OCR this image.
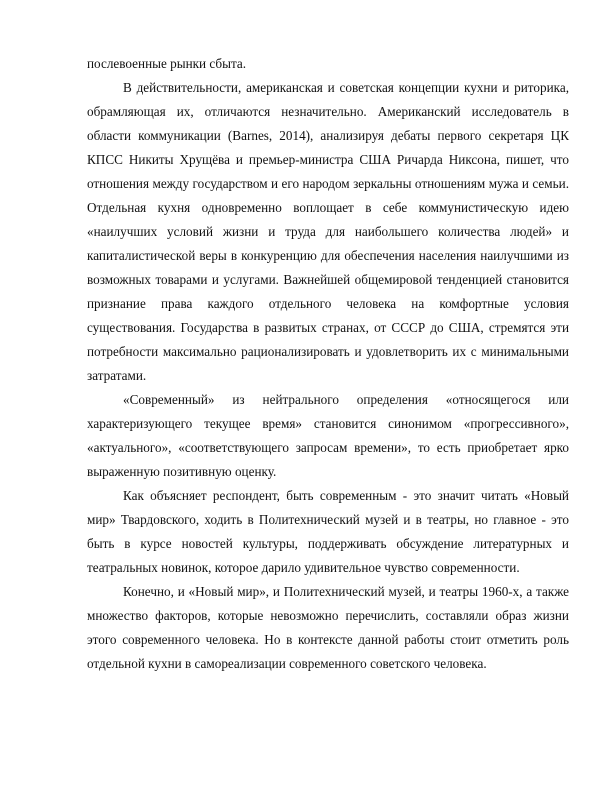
послевоенные рынки сбыта.

В действительности, американская и советская концепции кухни и риторика, обрамляющая их, отличаются незначительно. Американский исследователь в области коммуникации (Barnes, 2014), анализируя дебаты первого секретаря ЦК КПСС Никиты Хрущёва и премьер-министра США Ричарда Никсона, пишет, что отношения между государством и его народом зеркальны отношениям мужа и семьи. Отдельная кухня одновременно воплощает в себе коммунистическую идею «наилучших условий жизни и труда для наибольшего количества людей» и капиталистической веры в конкуренцию для обеспечения населения наилучшими из возможных товарами и услугами. Важнейшей общемировой тенденцией становится признание права каждого отдельного человека на комфортные условия существования. Государства в развитых странах, от СССР до США, стремятся эти потребности максимально рационализировать и удовлетворить их с минимальными затратами.

«Современный» из нейтрального определения «относящегося или характеризующего текущее время» становится синонимом «прогрессивного», «актуального», «соответствующего запросам времени», то есть приобретает ярко выраженную позитивную оценку.

Как объясняет респондент, быть современным - это значит читать «Новый мир» Твардовского, ходить в Политехнический музей и в театры, но главное - это быть в курсе новостей культуры, поддерживать обсуждение литературных и театральных новинок, которое дарило удивительное чувство современности.

Конечно, и «Новый мир», и Политехнический музей, и театры 1960-х, а также множество факторов, которые невозможно перечислить, составляли образ жизни этого современного человека. Но в контексте данной работы стоит отметить роль отдельной кухни в самореализации современного советского человека.
